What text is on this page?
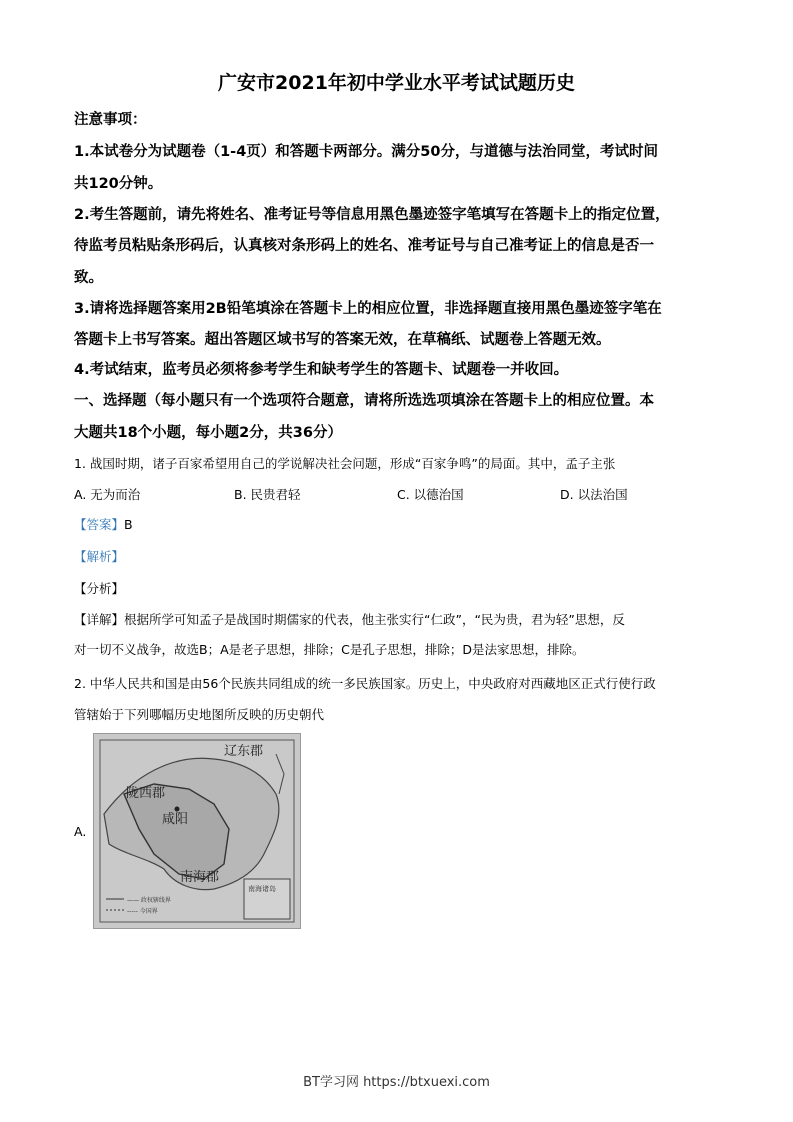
广安市2021年初中学业水平考试试题历史
注意事项：
1.本试卷分为试题卷（1-4页）和答题卡两部分。满分50分，与道德与法治同堂，考试时间
共120分钟。
2.考生答题前，请先将姓名、准考证号等信息用黑色墨迹签字笔填写在答题卡上的指定位置，
待监考员粘贴条形码后，认真核对条形码上的姓名、准考证号与自己准考证上的信息是否一
致。
3.请将选择题答案用2B铅笔填涂在答题卡上的相应位置，非选择题直接用黑色墨迹签字笔在
答题卡上书写答案。超出答题区域书写的答案无效，在草稿纸、试题卷上答题无效。
4.考试结束，监考员必须将参考学生和缺考学生的答题卡、试题卷一并收回。
一、选择题（每小题只有一个选项符合题意，请将所选选项填涂在答题卡上的相应位置。本
大题共18个小题，每小题2分，共36分）
1. 战国时期，诸子百家希望用自己的学说解决社会问题，形成“百家争鸣”的局面。其中，孟子主张
A. 无为而治	B. 民贵君轻	C. 以德治国	D. 以法治国
【答案】B
【解析】
【分析】
【详解】根据所学可知孟子是战国时期儒家的代表，他主张实行“仁政”，“民为贵，君为轻”思想，反
对一切不义战争，故选B；A是老子思想，排除；C是孔子思想，排除；D是法家思想，排除。
2. 中华人民共和国是由56个民族共同组成的统一多民族国家。历史上，中央政府对西藏地区正式行使行政
管辖始于下列哪幅历史地图所反映的历史朝代
A.
辽东郡
陇西郡
咸阳
南海郡
—— 政权辖线界
----- 今国界
南海诸岛
BT学习网 https://btxuexi.com
